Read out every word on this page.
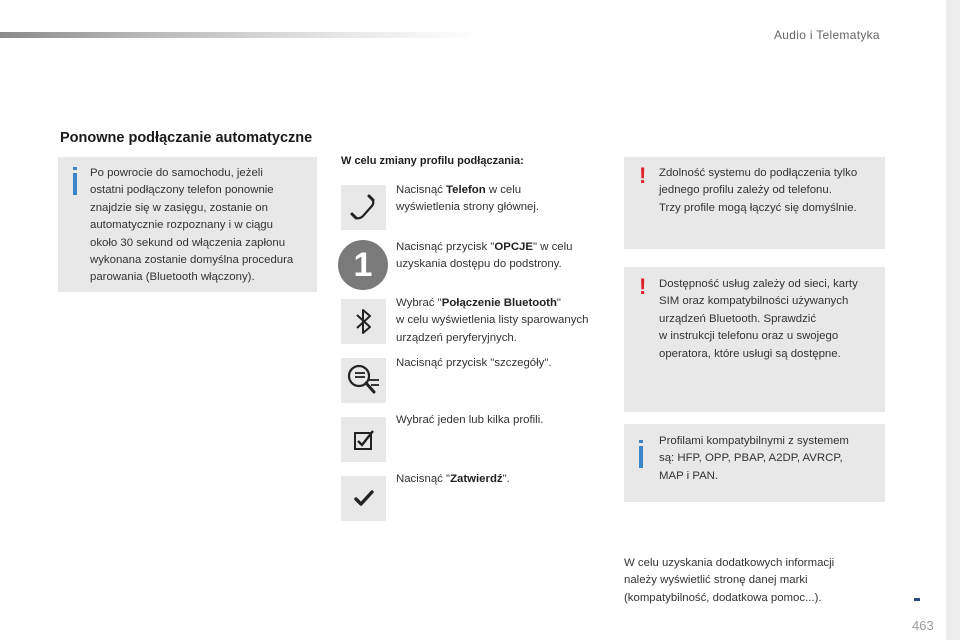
Audio i Telematyka
Ponowne podłączanie automatyczne
Po powrocie do samochodu, jeżeli
ostatni podłączony telefon ponownie
znajdzie się w zasięgu, zostanie on
automatycznie rozpoznany i w ciągu
około 30 sekund od włączenia zapłonu
wykonana zostanie domyślna procedura
parowania (Bluetooth włączony).
W celu zmiany profilu podłączania:
Nacisnąć Telefon w celu
wyświetlenia strony głównej.
1	Nacisnąć przycisk "OPCJE" w celu
uzyskania dostępu do podstrony.
Wybrać "Połączenie Bluetooth"
w celu wyświetlenia listy sparowanych
urządzeń peryferyjnych.
Nacisnąć przycisk "szczegóły".
Wybrać jeden lub kilka profili.
Nacisnąć "Zatwierdź".
! Zdolność systemu do podłączenia tylko
jednego profilu zależy od telefonu.
Trzy profile mogą łączyć się domyślnie.
! Dostępność usług zależy od sieci, karty
SIM oraz kompatybilności używanych
urządzeń Bluetooth. Sprawdzić
w instrukcji telefonu oraz u swojego
operatora, które usługi są dostępne.
Profilami kompatybilnymi z systemem
są: HFP, OPP, PBAP, A2DP, AVRCP,
MAP i PAN.
W celu uzyskania dodatkowych informacji
należy wyświetlić stronę danej marki
(kompatybilność, dodatkowa pomoc...).
463
